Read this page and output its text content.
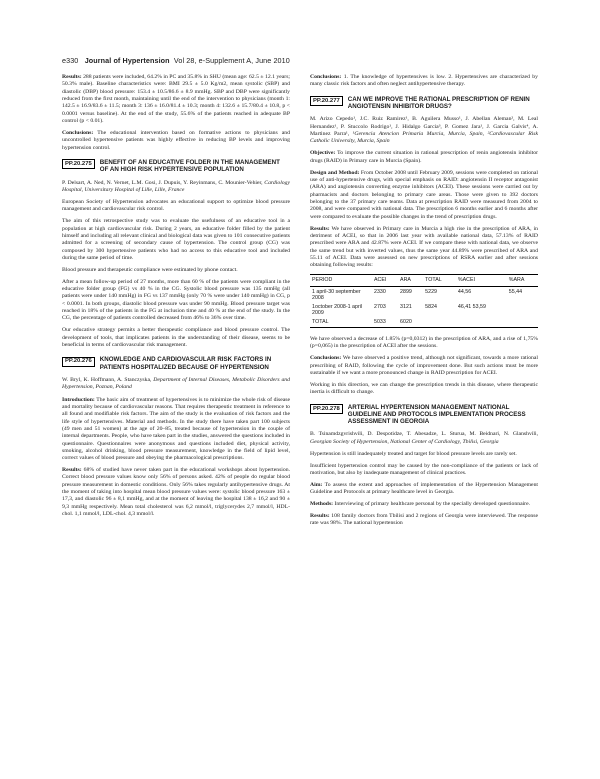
e330 Journal of Hypertension Vol 28, e-Supplement A, June 2010

Results: 288 patients were included, 64.2% in PC and 35.8% in SHU (mean age: 62.5 ± 12.1 years; 50.3% male). Baseline characteristics were: BMI 29.5 ± 5.0 Kg/m2, mean systolic (SBP) and diastolic (DBP) blood pressure: 153.4 ± 10.5/86.6 ± 8.9 mmHg. SBP and DBP were significantly reduced from the first month, maintaining until the end of the intervention to physicians (month 1: 142.5 ± 16.9/83.6 ± 11.5; month 3: 136 ± 16.0/81.4 ± 10.3; month 4: 132.6 ± 15.7/80.4 ± 10.8, p < 0.0001 versus baseline). At the end of the study, 55.6% of the patients reached in adequate BP control (p < 0.01).

Conclusions: The educational intervention based on formative actions to physicians and uncontrolled hypertensive patients was highly effective in reducing BP levels and improving hypertension control.

PP.20.275	BENEFIT OF AN EDUCATIVE FOLDER IN THE MANAGEMENT OF AN HIGH RISK HYPERTENSIVE POPULATION

P. Delsart, A. Ned, N. Vernet, L.M. Gosi, J. Dupuis, Y. Reyinmans, C. Mounier-Vehier, Cardiology Hospital, Universitary Hospital of Lille, Lille, France

European Society of Hypertension advocates an educational support to optimize blood pressure management and cardiovascular risk control.

The aim of this retrospective study was to evaluate the usefulness of an educative tool in a population at high cardiovascular risk. During 2 years, an educative folder filled by the patient himself and including all relevant clinical and biological data was given to 101 consecutive patients admitted for a screening of secondary cause of hypertension. The control group (CG) was composed by 300 hypertensive patients who had no access to this educative tool and included during the same period of time.

Blood pressure and therapeutic compliance were estimated by phone contact.

After a mean follow-up period of 27 months, more than 60 % of the patients were compliant in the educative folder group (FG) vs 40 % in the CG. Systolic blood pressure was 135 mmHg (all patients were under 140 mmHg) in FG vs 137 mmHg (only 70 % were under 140 mmHg) in CG, p < 0.0001. In both groups, diastolic blood pressure was under 90 mmHg. Blood pressure target was reached in 18% of the patients in the FG at inclusion time and 40 % at the end of the study. In the CG, the percentage of patients controlled decreased from 46% to 36% over time.

Our educative strategy permits a better therapeutic compliance and blood pressure control. The development of tools, that implicates patients in the understanding of their disease, seems to be beneficial in terms of cardiovascular risk management.

PP.20.276	KNOWLEDGE AND CARDIOVASCULAR RISK FACTORS IN PATIENTS HOSPITALIZED BECAUSE OF HYPERTENSION

W. Bryl, K. Hoffmann, A. Stanczyska, Department of Internal Diseases, Metabolic Disorders and Hypertension, Poznan, Poland

Introduction: The basic aim of treatment of hypertensives is to minimize the whole risk of disease and mortality because of cardiovascular reasons. That requires therapeutic treatment in reference to all found and modifiable risk factors. The aim of the study is the evaluation of risk factors and the life style of hypertensives. Material and methods. In the study there have taken part 100 subjects (49 men and 51 women) at the age of 20–85, treated because of hypertension in the couple of internal departments. People, who have taken part in the studies, answered the questions included in questionnaire. Questionnaires were anonymous and questions included diet, physical activity, smoking, alcohol drinking, blood pressure measurement, knowledge in the field of lipid level, correct values of blood pressure and obeying the pharmacological prescriptions.

Results: 68% of studied have never taken part in the educational workshops about hypertension. Correct blood pressure values know only 56% of persons asked. 42% of people do regular blood pressure measurement in domestic conditions. Only 56% takes regularly antihypertensive drugs. At the moment of taking into hospital mean blood pressure values were: systolic blood pressure 163 ± 17,3, and diastolic 96 ± 8,1 mmHg, and at the moment of leaving the hospital 138 ± 16,2 and 90 ± 9,3 mmHg respectively. Mean total cholesterol was 6,2 mmol/l, triglycerydes 2,7 mmol/l, HDL-chol. 1,1 mmol/l, LDL-chol. 4,3 mmol/l.

Conclusions: 1. The knowledge of hypertensives is low. 2. Hypertensives are characterized by many classic risk factors and often neglect antihypertensive therapy.

PP.20.277	CAN WE IMPROVE THE RATIONAL PRESCRIPTION OF RENIN ANGIOTENSIN INHIBITOR DRUGS?

M. Arizo Cepedo¹, J.C. Ruiz Ramirez¹, B. Aguilera Musso¹, J. Abellan Aleman², M. Leal Hernandez¹, P. Stuccolo Rodrigo¹, J. Hidalgo Garcia³, P. Gomez Jara¹, J. Garcia Galvis⁴, A. Martinez Parra¹, ¹Gerencia Atencion Primaria Murcia, Murcia, Spain, ²Cardiovascular Risk Catholic University, Murcia, Spain

Objective: To improve the current situation in rational prescription of renin angiotensin inhibitor drugs (RAID) in Primary care in Murcia (Spain).

Design and Method: From October 2008 until February 2009, sessions were completed on rational use of anti-hypertensive drugs, with special emphasis on RAID: angiotensin II receptor antagonist (ARA) and angiotensin converting enzyme inhibitors (ACEI). These sessions were carried out by pharmacists and doctors belonging to primary care areas. Those were given to 392 doctors belonging to the 37 primary care teams. Data at prescription RAID were measured from 2004 to 2008, and were compared with national data. The prescription 6 months earlier and 6 months after were compared to evaluate the possible changes in the trend of prescription drugs.

Results: We have observed in Primary care in Murcia a high rise in the prescription of ARA, in detriment of ACEI, so that in 2006 last year with available national data, 57.13% of RAID prescribed were ARA and 42.87% were ACEI. If we compare these with national data, we observe the same trend but with inverted values, thus the same year 44.89% were prescribed of ARA and 55.11 of ACEI. Data were assessed on new prescriptions of RSRA earlier and after sessions obtaining following results:

PERIOD	ACEI	ARA	TOTAL	%ACEI	%ARA
1 april-30 september 2008	2330	2899	5229	44,56	55,44
1october 2008-1 april 2009	2703	3121	5824	46,41 53,59	
TOTAL	5033	6020			

We have observed a decrease of 1.85% (p=0,0312) in the prescription of ARA, and a rise of 1,75% (p=0,065) in the prescription of ACEI after the sessions.

Conclusions: We have observed a positive trend, although not significant, towards a more rational prescribing of RAID, following the cycle of improvement done. But such actions must be more sustainable if we want a more pronounced change in RAID prescription for ACEI.

Working in this direction, we can change the prescription trends in this disease, where therapeutic inertia is difficult to change.

PP.20.278	ARTERIAL HYPERTENSION MANAGEMENT NATIONAL GUIDELINE AND PROTOCOLS IMPLEMENTATION PROCESS ASSESSMENT IN GEORGIA

B. Tsinamdzgvrishvili, D. Despotidze, T. Abesadze, L. Sturua, M. Beidnari, N. Glanshvili, Georgian Society of Hypertension, National Center of Cardiology, Tbilisi, Georgia

Hypertension is still inadequately treated and target for blood pressure levels are rarely set.

Insufficient hypertension control may be caused by the non-compliance of the patients or lack of motivation, but also by inadequate management of clinical practices.

Aim: To assess the extent and approaches of implementation of the Hypertension Management Guideline and Protocols at primary healthcare level in Georgia.

Methods: Interviewing of primary healthcare personal by the specially developed questionnaire.

Results: 108 family doctors from Tbilisi and 2 regions of Georgia were interviewed. The response rate was 98%. The national hypertension
